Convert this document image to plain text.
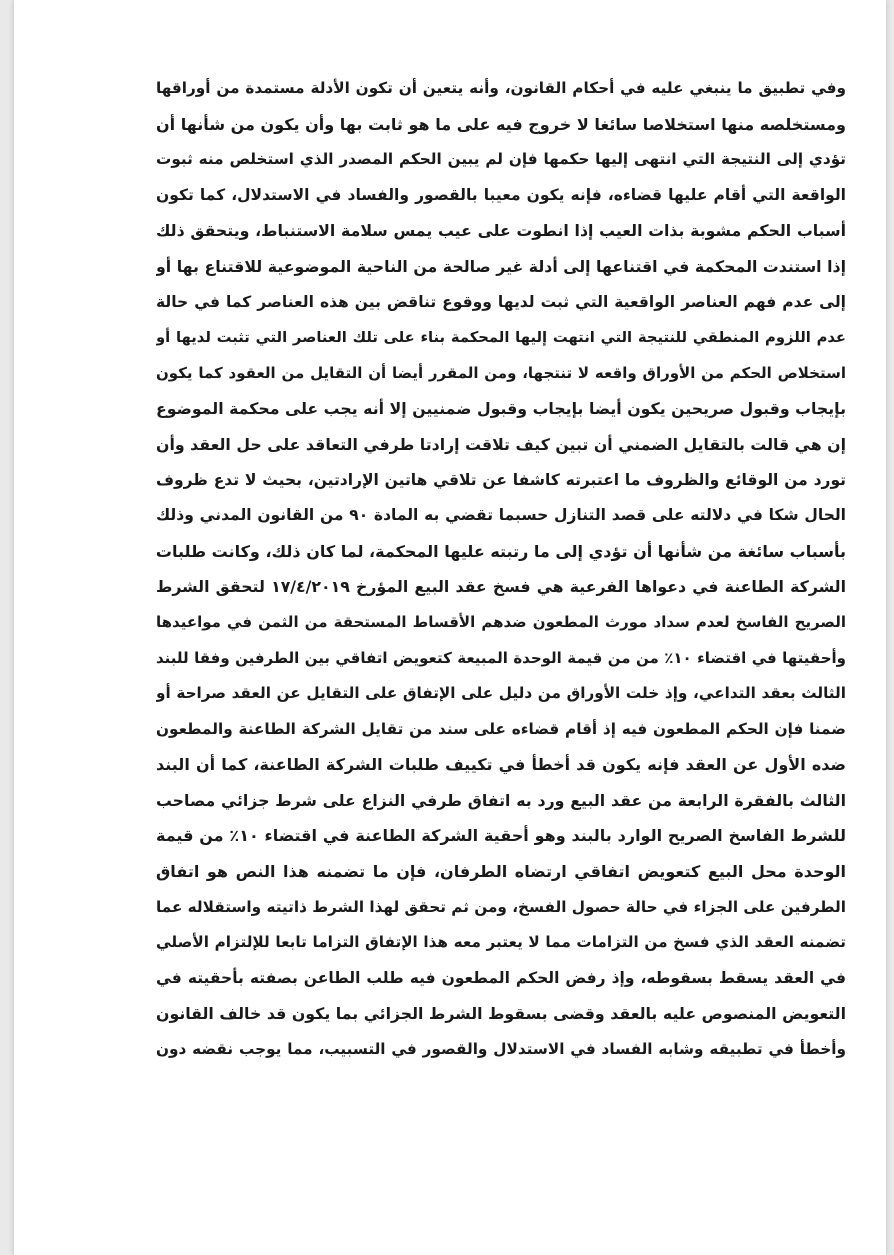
وفي تطبيق ما ينبغي عليه في أحكام القانون، وأنه يتعين أن تكون الأدلة مستمدة من أوراقها
ومستخلصه منها استخلاصا سائغا لا خروج فيه على ما هو ثابت بها وأن يكون من شأنها أن
تؤدي إلى النتيجة التي انتهى إليها حكمها فإن لم يبين الحكم المصدر الذي استخلص منه ثبوت
الواقعة التي أقام عليها قضاءه، فإنه يكون معيبا بالقصور والفساد في الاستدلال، كما تكون
أسباب الحكم مشوبة بذات العيب إذا انطوت على عيب يمس سلامة الاستنباط، ويتحقق ذلك
إذا استندت المحكمة في اقتناعها إلى أدلة غير صالحة من الناحية الموضوعية للاقتناع بها أو
إلى عدم فهم العناصر الواقعية التي ثبت لديها ووقوع تناقض بين هذه العناصر كما في حالة
عدم اللزوم المنطقي للنتيجة التي انتهت إليها المحكمة بناء على تلك العناصر التي تثبت لديها أو
استخلاص الحكم من الأوراق واقعه لا تنتجها، ومن المقرر أيضا أن التقايل من العقود كما يكون
بإيجاب وقبول صريحين يكون أيضا بإيجاب وقبول ضمنيين إلا أنه يجب على محكمة الموضوع
إن هي قالت بالتقايل الضمني أن تبين كيف تلاقت إرادتا طرفي التعاقد على حل العقد وأن
تورد من الوقائع والظروف ما اعتبرته كاشفا عن تلاقي هاتين الإرادتين، بحيث لا تدع ظروف
الحال شكا في دلالته على قصد التنازل حسبما تقضي به المادة ٩٠ من القانون المدني وذلك
بأسباب سائغة من شأنها أن تؤدي إلى ما رتبته عليها المحكمة، لما كان ذلك، وكانت طلبات
الشركة الطاعنة في دعواها الفرعية هي فسخ عقد البيع المؤرخ ١٧/٤/٢٠١٩ لتحقق الشرط
الصريح الفاسخ لعدم سداد مورث المطعون ضدهم الأقساط المستحقة من الثمن في مواعيدها
وأحقيتها في اقتضاء ١٠٪ من من قيمة الوحدة المبيعة كتعويض اتفاقي بين الطرفين وفقا للبند
الثالث بعقد التداعي، وإذ خلت الأوراق من دليل على الإتفاق على التقايل عن العقد صراحة أو
ضمنا فإن الحكم المطعون فيه إذ أقام قضاءه على سند من تقايل الشركة الطاعنة والمطعون
ضده الأول عن العقد فإنه يكون قد أخطأ في تكييف طلبات الشركة الطاعنة، كما أن البند
الثالث بالفقرة الرابعة من عقد البيع ورد به اتفاق طرفي النزاع على شرط جزائي مصاحب
للشرط الفاسخ الصريح الوارد بالبند وهو أحقية الشركة الطاعنة في اقتضاء ١٠٪ من قيمة
الوحدة محل البيع كتعويض اتفاقي ارتضاه الطرفان، فإن ما تضمنه هذا النص هو اتفاق
الطرفين على الجزاء في حالة حصول الفسخ، ومن ثم تحقق لهذا الشرط ذاتيته واستقلاله عما
تضمنه العقد الذي فسخ من التزامات مما لا يعتبر معه هذا الإتفاق التزاما تابعا للإلتزام الأصلي
في العقد يسقط بسقوطه، وإذ رفض الحكم المطعون فيه طلب الطاعن بصفته بأحقيته في
التعويض المنصوص عليه بالعقد وقضى بسقوط الشرط الجزائي بما يكون قد خالف القانون
وأخطأ في تطبيقه وشابه الفساد في الاستدلال والقصور في التسبيب، مما يوجب نقضه دون
